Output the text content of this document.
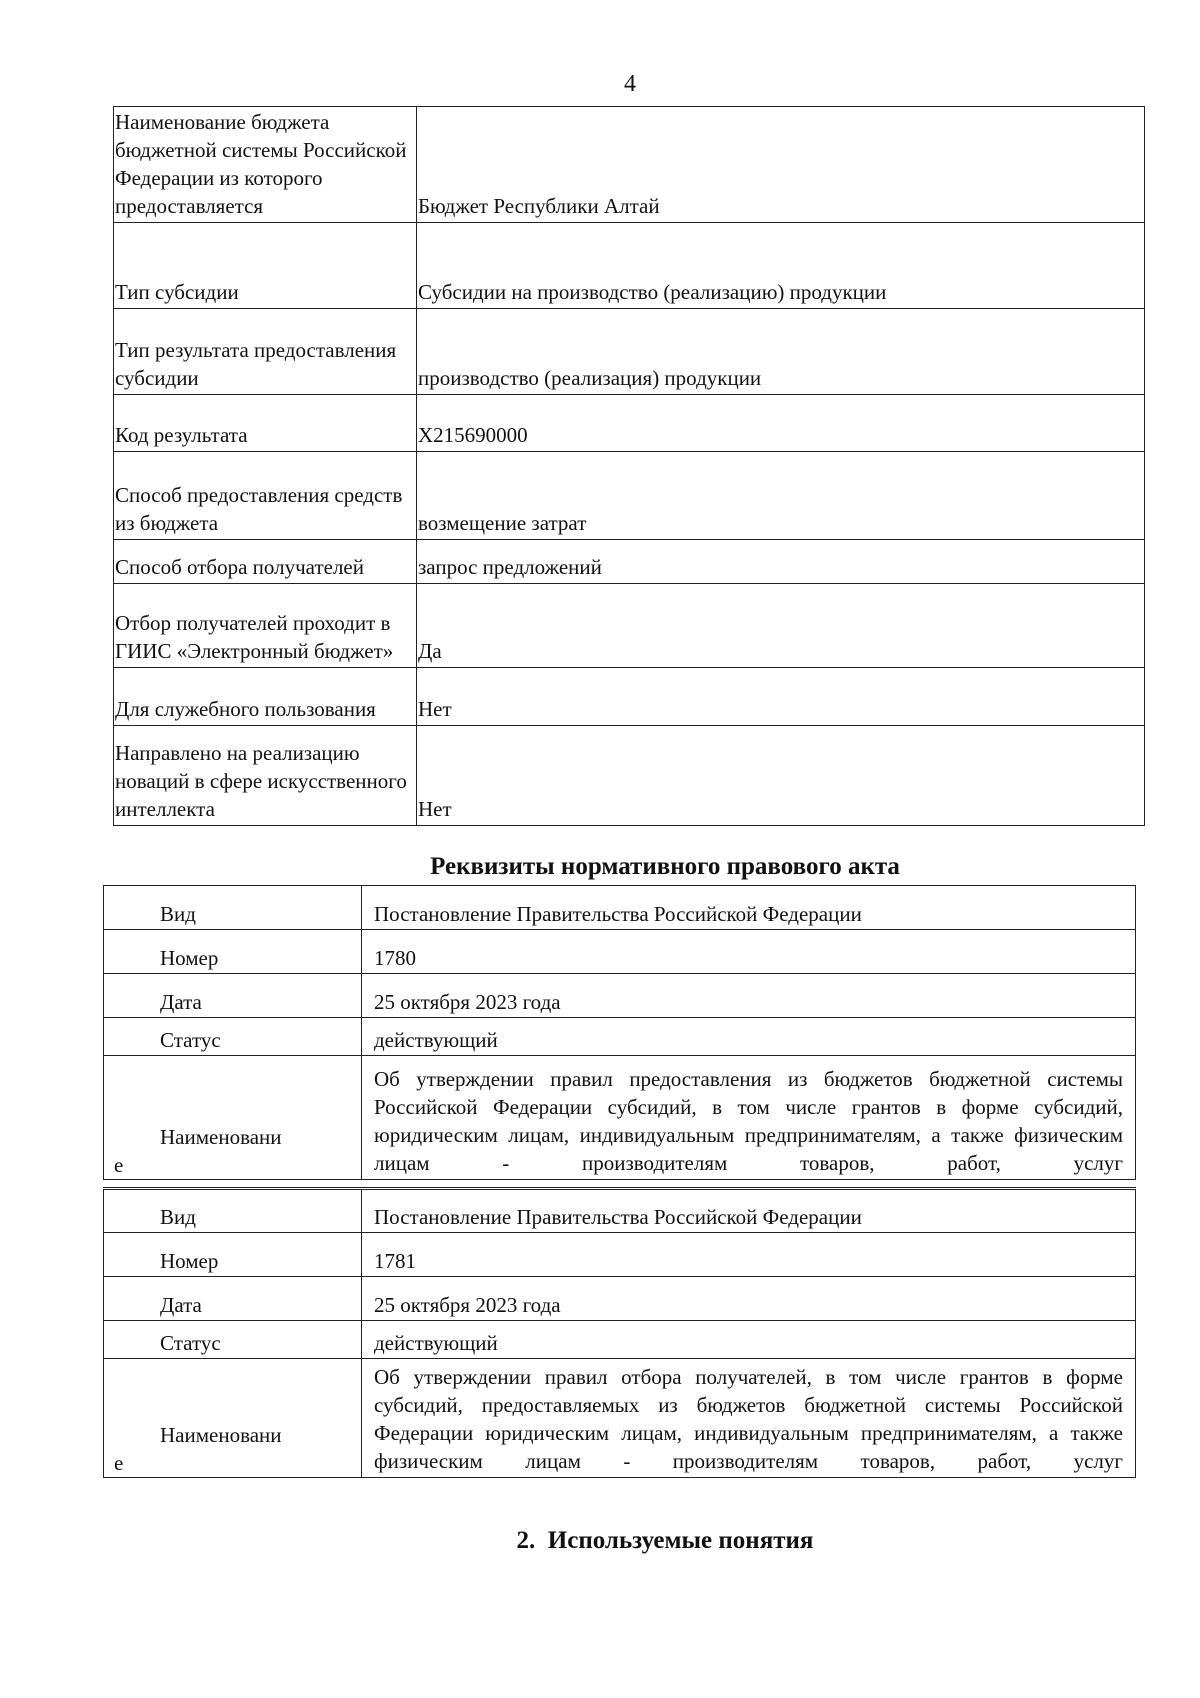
4
Наименование бюджета бюджетной системы Российской Федерации из которого предоставляется	Бюджет Республики Алтай
Тип субсидии	Субсидии на производство (реализацию) продукции
Тип результата предоставления субсидии	производство (реализация) продукции
Код результата	X215690000
Способ предоставления средств из бюджета	возмещение затрат
Способ отбора получателей	запрос предложений
Отбор получателей проходит в ГИИС «Электронный бюджет»	Да
Для служебного пользования	Нет
Направлено на реализацию новаций в сфере искусственного интеллекта	Нет
Реквизиты нормативного правового акта
Вид	Постановление Правительства Российской Федерации
Номер	1780
Дата	25 октября 2023 года
Статус	действующий

Наименовани
е	Об утверждении правил предоставления из бюджетов бюджетной системы Российской Федерации субсидий, в том числе грантов в форме субсидий, юридическим лицам, индивидуальным предпринимателям, а также физическим лицам - производителям товаров, работ, услуг
Вид	Постановление Правительства Российской Федерации
Номер	1781
Дата	25 октября 2023 года
Статус	действующий

Наименовани
е	Об утверждении правил отбора получателей, в том числе грантов в форме субсидий, предоставляемых из бюджетов бюджетной системы Российской Федерации юридическим лицам, индивидуальным предпринимателям, а также физическим лицам - производителям товаров, работ, услуг
2.  Используемые понятия
